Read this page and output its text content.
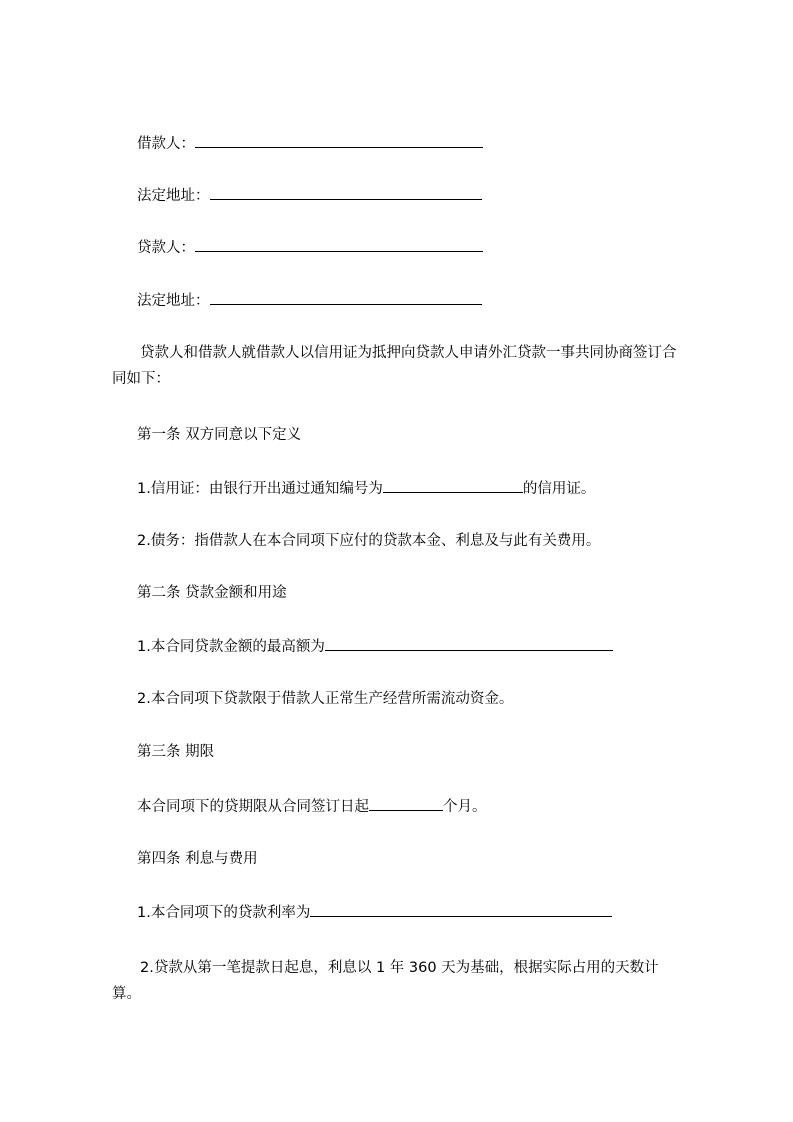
借款人：
法定地址：
贷款人：
法定地址：
贷款人和借款人就借款人以信用证为抵押向贷款人申请外汇贷款一事共同协商签订合同如下：
第一条 双方同意以下定义
1.信用证：由银行开出通过通知编号为	的信用证。
2.债务：指借款人在本合同项下应付的贷款本金、利息及与此有关费用。
第二条 贷款金额和用途
1.本合同贷款金额的最高额为
2.本合同项下贷款限于借款人正常生产经营所需流动资金。
第三条 期限
本合同项下的贷期限从合同签订日起	个月。
第四条 利息与费用
1.本合同项下的贷款利率为
2.贷款从第一笔提款日起息，利息以 1 年 360 天为基础，根据实际占用的天数计算。
